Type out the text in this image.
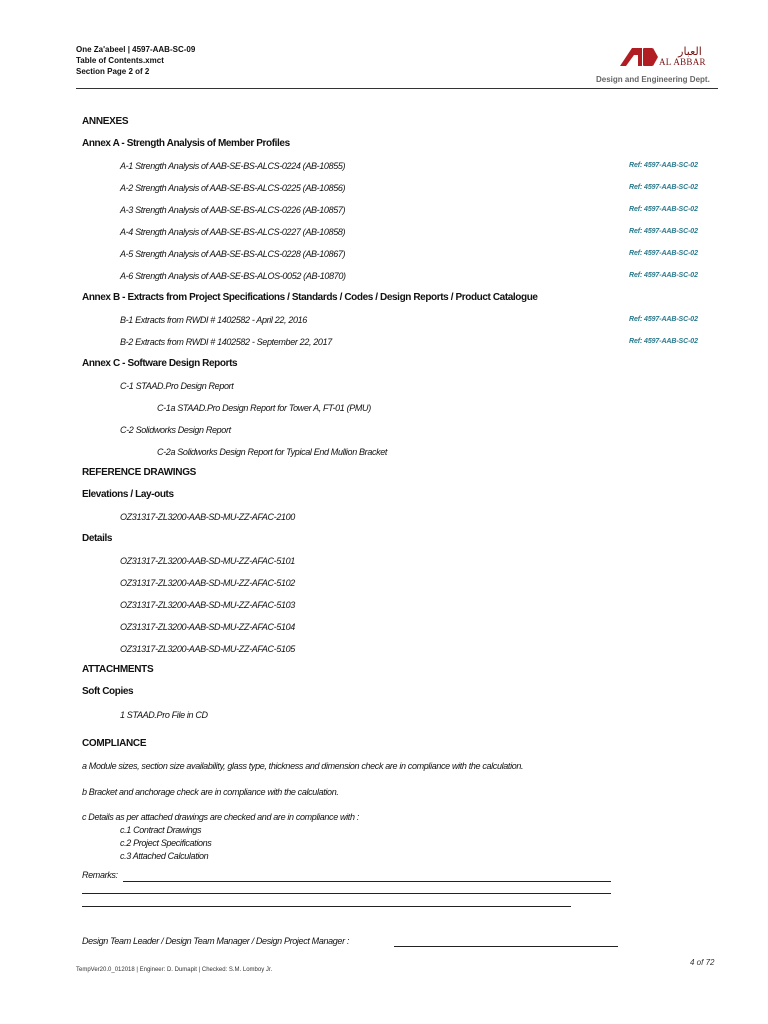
One Za'abeel | 4597-AAB-SC-09
Table of Contents.xmct
Section Page 2 of 2
العبار
AL ABBAR
Design and Engineering Dept.
ANNEXES
Annex A - Strength Analysis of Member Profiles
A-1 Strength Analysis of AAB-SE-BS-ALCS-0224 (AB-10855)	Ref: 4597-AAB-SC-02
A-2 Strength Analysis of AAB-SE-BS-ALCS-0225 (AB-10856)	Ref: 4597-AAB-SC-02
A-3 Strength Analysis of AAB-SE-BS-ALCS-0226 (AB-10857)	Ref: 4597-AAB-SC-02
A-4 Strength Analysis of AAB-SE-BS-ALCS-0227 (AB-10858)	Ref: 4597-AAB-SC-02
A-5 Strength Analysis of AAB-SE-BS-ALCS-0228 (AB-10867)	Ref: 4597-AAB-SC-02
A-6 Strength Analysis of AAB-SE-BS-ALOS-0052 (AB-10870)	Ref: 4597-AAB-SC-02
Annex B - Extracts from Project Specifications / Standards / Codes / Design Reports / Product Catalogue
B-1 Extracts from RWDI # 1402582 - April 22, 2016	Ref: 4597-AAB-SC-02
B-2 Extracts from RWDI # 1402582 - September 22, 2017	Ref: 4597-AAB-SC-02
Annex C - Software Design Reports
C-1 STAAD.Pro Design Report
C-1a STAAD.Pro Design Report for Tower A, FT-01 (PMU)
C-2 Solidworks Design Report
C-2a Solidworks Design Report for Typical End Mullion Bracket
REFERENCE DRAWINGS
Elevations / Lay-outs
OZ31317-ZL3200-AAB-SD-MU-ZZ-AFAC-2100
Details
OZ31317-ZL3200-AAB-SD-MU-ZZ-AFAC-5101
OZ31317-ZL3200-AAB-SD-MU-ZZ-AFAC-5102
OZ31317-ZL3200-AAB-SD-MU-ZZ-AFAC-5103
OZ31317-ZL3200-AAB-SD-MU-ZZ-AFAC-5104
OZ31317-ZL3200-AAB-SD-MU-ZZ-AFAC-5105
ATTACHMENTS
Soft Copies
1 STAAD.Pro File in CD
COMPLIANCE
a Module sizes, section size availability, glass type, thickness and dimension check are in compliance with the calculation.
b Bracket and anchorage check are in compliance with the calculation.
c Details as per attached drawings are checked and are in compliance with :
c.1 Contract Drawings
c.2 Project Specifications
c.3 Attached Calculation
Remarks:
Design Team Leader / Design Team Manager / Design Project Manager :
4 of 72
TempVer20.0_012018 | Engineer: D. Dumapit | Checked: S.M. Lomboy Jr.
